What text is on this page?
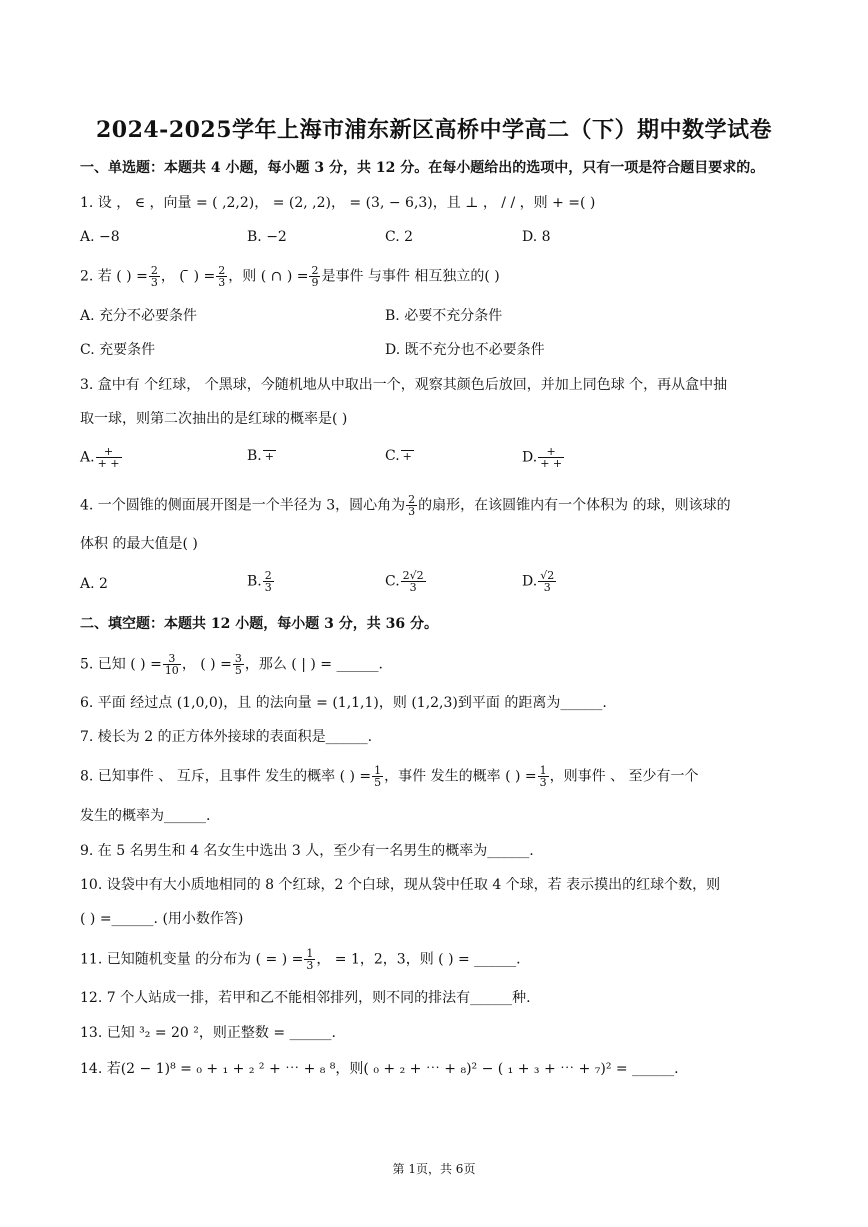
2024-2025学年上海市浦东新区高桥中学高二（下）期中数学试卷
一、单选题：本题共 4 小题，每小题 3 分，共 12 分。在每小题给出的选项中，只有一项是符合题目要求的。
1. 设 ， ∈ ，向量 = ( ,2,2)， = (2, ,2)， = (3, − 6,3)，且 ⊥ ， / / ，则 + =( )
A. −8	B. −2	C. 2	D. 8
2. 若 ( ) = $\frac{2}{3}$ ， ( ̄ ) = $\frac{2}{3}$ ，则 ( ∩ ) = $\frac{2}{9}$ 是事件 与事件 相互独立的( )
A. 充分不必要条件	B. 必要不充分条件
C. 充要条件	D. 既不充分也不必要条件
3. 盒中有 个红球， 个黑球，今随机地从中取出一个，观察其颜色后放回，并加上同色球 个，再从盒中抽
取一球，则第二次抽出的是红球的概率是( )
A. $\frac{+}{+ +}$	B. +	C. +	D. $\frac{+}{+ +}$
4. 一个圆锥的侧面展开图是一个半径为 3，圆心角为 $\frac{2}{3}$ 的扇形，在该圆锥内有一个体积为 的球，则该球的
体积 的最大值是( )
A. 2	B. $\frac{2}{3}$	C. $\frac{2√2}{3}$	D. $\frac{√2}{3}$
二、填空题：本题共 12 小题，每小题 3 分，共 36 分。
5. 已知 ( ) = $\frac{3}{10}$ ， ( ) = $\frac{3}{5}$ ，那么 ( | ) = ______.
6. 平面 经过点 (1,0,0)，且 的法向量 = (1,1,1)，则 (1,2,3)到平面 的距离为______.
7. 棱长为 2 的正方体外接球的表面积是______.
8. 已知事件 、 互斥，且事件 发生的概率 ( ) = $\frac{1}{5}$ ，事件 发生的概率 ( ) = $\frac{1}{3}$ ，则事件 、 至少有一个
发生的概率为______.
9. 在 5 名男生和 4 名女生中选出 3 人，至少有一名男生的概率为______.
10. 设袋中有大小质地相同的 8 个红球，2 个白球，现从袋中任取 4 个球，若 表示摸出的红球个数，则
( ) =______. (用小数作答)
11. 已知随机变量 的分布为 ( = ) = $\frac{1}{3}$ ， = 1，2，3，则 ( ) = ______.
12. 7 个人站成一排，若甲和乙不能相邻排列，则不同的排法有______种.
13. 已知 ³₂ = 20 ²，则正整数 = ______.
14. 若(2 − 1)⁸ = ₀ + ₁ + ₂ ² + ⋯ + ₈ ⁸，则( ₀ + ₂ + ⋯ + ₈)² − ( ₁ + ₃ + ⋯ + ₇)² = ______.
第 1页，共 6页
